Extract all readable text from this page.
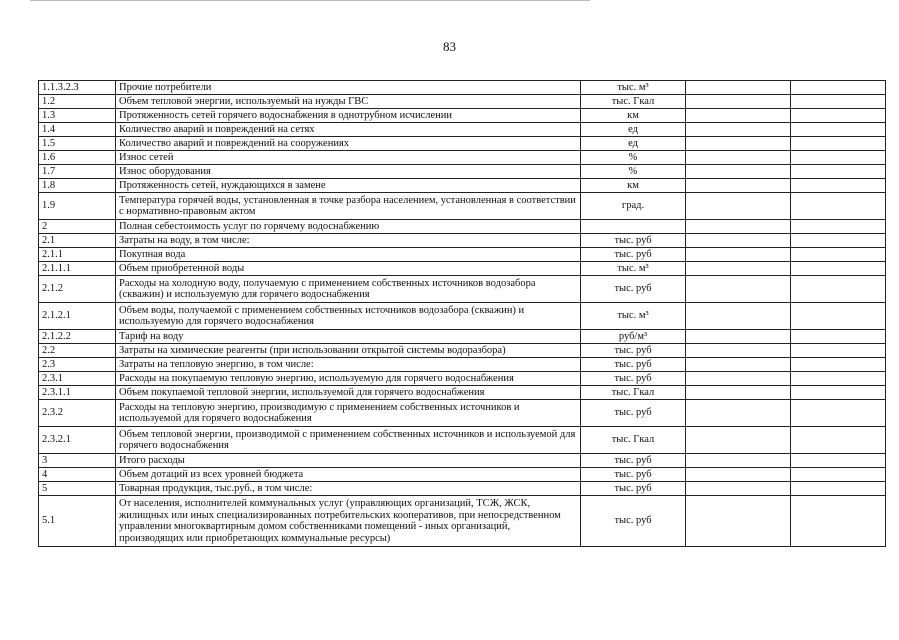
83
1.1.3.2.3	Прочие потребители	тыс. м³		
1.2	Объем тепловой энергии, используемый на нужды ГВС	тыс. Гкал		
1.3	Протяженность сетей горячего водоснабжения в однотрубном исчислении	км		
1.4	Количество аварий и повреждений на сетях	ед		
1.5	Количество аварий и повреждений на сооружениях	ед		
1.6	Износ сетей	%		
1.7	Износ оборудования	%		
1.8	Протяженность сетей, нуждающихся в замене	км		
1.9	Температура горячей воды, установленная в точке разбора населением, установленная в соответствии с нормативно-правовым актом	град.		
2	Полная себестоимость услуг по горячему водоснабжению			
2.1	Затраты на воду, в том числе:	тыс. руб		
2.1.1	Покупная вода	тыс. руб		
2.1.1.1	Объем приобретенной воды	тыс. м³		
2.1.2	Расходы на холодную воду, получаемую с применением собственных источников водозабора (скважин) и используемую для горячего водоснабжения	тыс. руб		
2.1.2.1	Объем воды, получаемой с применением собственных источников водозабора (скважин) и используемую для горячего водоснабжения	тыс. м³		
2.1.2.2	Тариф на воду	руб/м³		
2.2	Затраты на химические реагенты (при использовании открытой системы водоразбора)	тыс. руб		
2.3	Затраты на тепловую энергию, в том числе:	тыс. руб		
2.3.1	Расходы на покупаемую тепловую энергию, используемую для горячего водоснабжения	тыс. руб		
2.3.1.1	Объем покупаемой тепловой энергии, используемой для горячего водоснабжения	тыс. Гкал		
2.3.2	Расходы на тепловую энергию, производимую с применением собственных источников и используемой для горячего водоснабжения	тыс. руб		
2.3.2.1	Объем тепловой энергии, производимой с применением собственных источников и используемой для горячего водоснабжения	тыс. Гкал		
3	Итого расходы	тыс. руб		
4	Объем дотаций из всех уровней бюджета	тыс. руб		
5	Товарная продукция, тыс.руб., в том числе:	тыс. руб		
5.1	От населения, исполнителей коммунальных услуг (управляющих организаций, ТСЖ, ЖСК, жилищных или иных специализированных потребительских кооперативов, при непосредственном управлении многоквартирным домом собственниками помещений - иных организаций, производящих или приобретающих коммунальные ресурсы)	тыс. руб		
